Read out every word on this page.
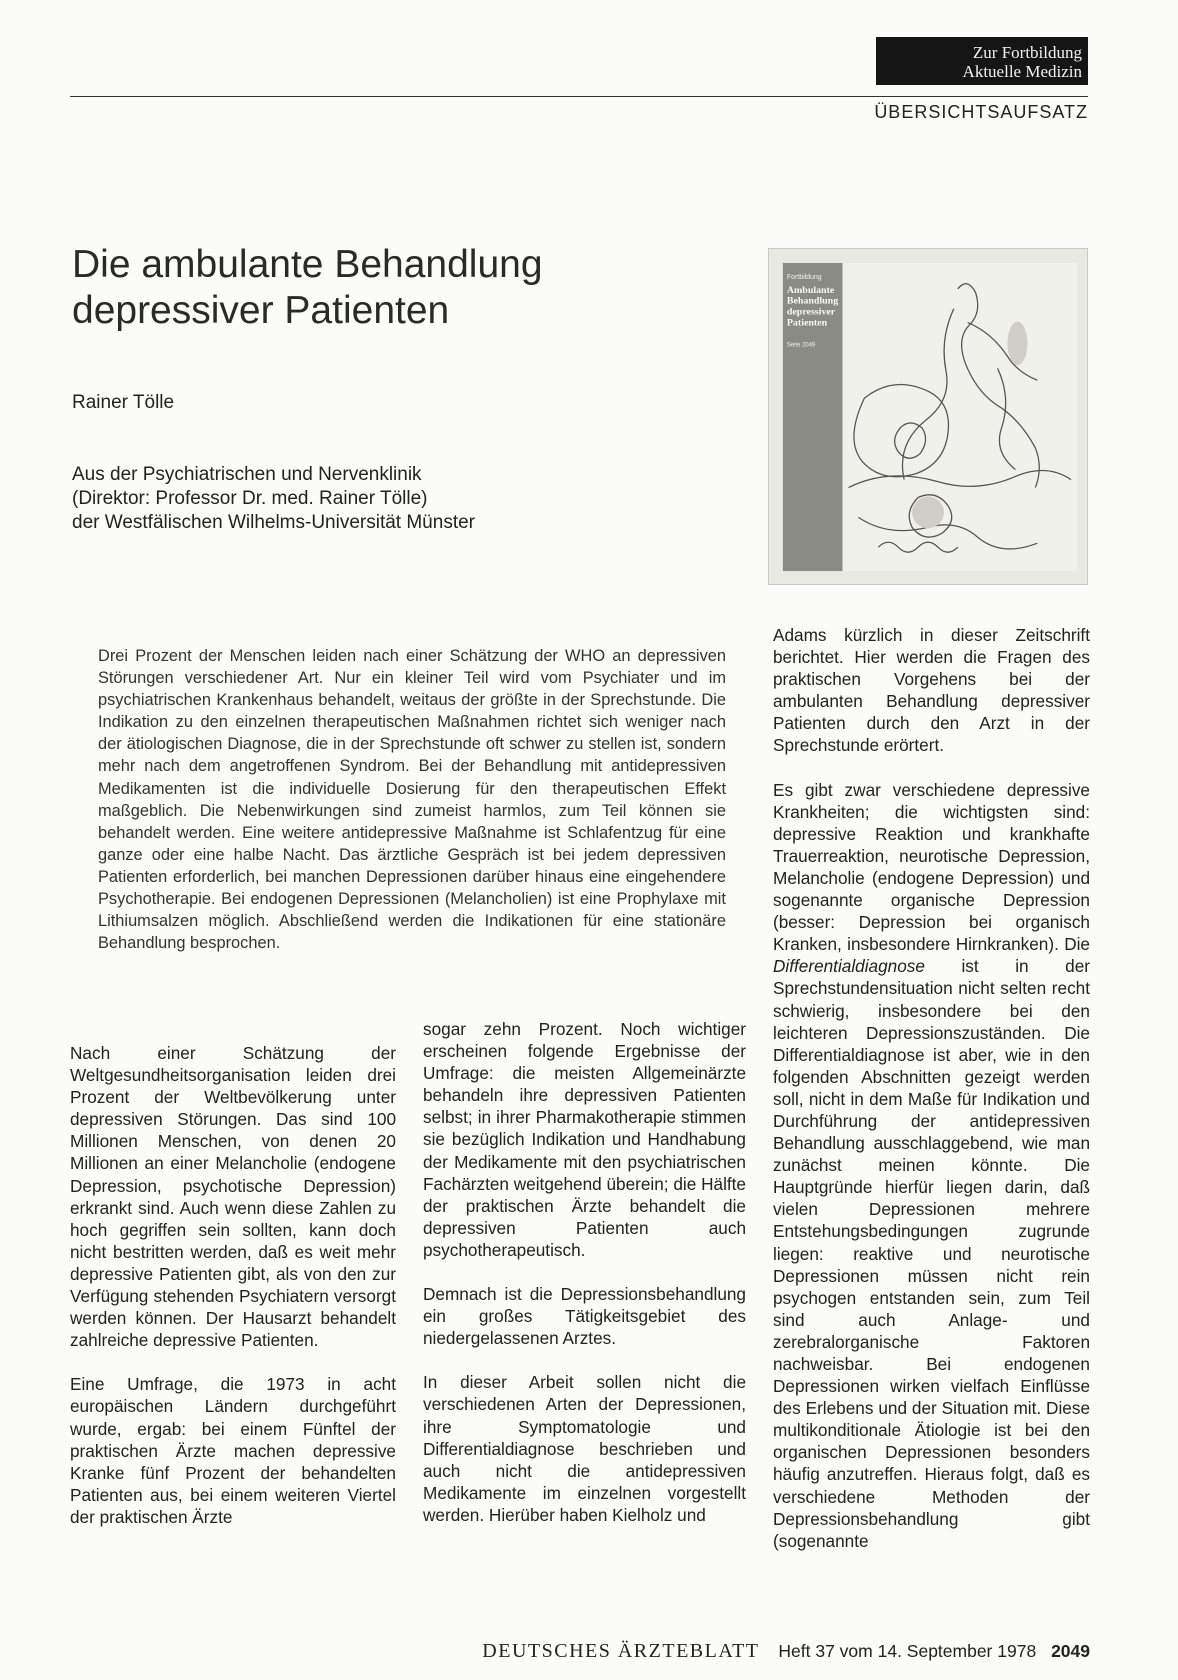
Zur Fortbildung
Aktuelle Medizin
ÜBERSICHTSAUFSATZ
Die ambulante Behandlung
depressiver Patienten
Rainer Tölle
Aus der Psychiatrischen und Nervenklinik
(Direktor: Professor Dr. med. Rainer Tölle)
der Westfälischen Wilhelms-Universität Münster
Fortbildung
Ambulante
Behandlung
depressiver
Patienten
Seite 2049
Drei Prozent der Menschen leiden nach einer Schätzung der WHO an depressiven Störungen verschiedener Art. Nur ein kleiner Teil wird vom Psychiater und im psychiatrischen Krankenhaus behandelt, weitaus der größte in der Sprechstunde. Die Indikation zu den einzelnen therapeutischen Maßnahmen richtet sich weniger nach der ätiologischen Diagnose, die in der Sprechstunde oft schwer zu stellen ist, sondern mehr nach dem angetroffenen Syndrom. Bei der Behandlung mit antidepressiven Medikamenten ist die individuelle Dosierung für den therapeutischen Effekt maßgeblich. Die Nebenwirkungen sind zumeist harmlos, zum Teil können sie behandelt werden. Eine weitere antidepressive Maßnahme ist Schlafentzug für eine ganze oder eine halbe Nacht. Das ärztliche Gespräch ist bei jedem depressiven Patienten erforderlich, bei manchen Depressionen darüber hinaus eine eingehendere Psychotherapie. Bei endogenen Depressionen (Melancholien) ist eine Prophylaxe mit Lithiumsalzen möglich. Abschließend werden die Indikationen für eine stationäre Behandlung besprochen.

Nach einer Schätzung der Weltgesundheitsorganisation leiden drei Prozent der Weltbevölkerung unter depressiven Störungen. Das sind 100 Millionen Menschen, von denen 20 Millionen an einer Melancholie (endogene Depression, psychotische Depression) erkrankt sind. Auch wenn diese Zahlen zu hoch gegriffen sein sollten, kann doch nicht bestritten werden, daß es weit mehr depressive Patienten gibt, als von den zur Verfügung stehenden Psychiatern versorgt werden können. Der Hausarzt behandelt zahlreiche depressive Patienten.

Eine Umfrage, die 1973 in acht europäischen Ländern durchgeführt wurde, ergab: bei einem Fünftel der praktischen Ärzte machen depressive Kranke fünf Prozent der behandelten Patienten aus, bei einem weiteren Viertel der praktischen Ärzte

sogar zehn Prozent. Noch wichtiger erscheinen folgende Ergebnisse der Umfrage: die meisten Allgemeinärzte behandeln ihre depressiven Patienten selbst; in ihrer Pharmakotherapie stimmen sie bezüglich Indikation und Handhabung der Medikamente mit den psychiatrischen Fachärzten weitgehend überein; die Hälfte der praktischen Ärzte behandelt die depressiven Patienten auch psychotherapeutisch.

Demnach ist die Depressionsbehandlung ein großes Tätigkeitsgebiet des niedergelassenen Arztes.

In dieser Arbeit sollen nicht die verschiedenen Arten der Depressionen, ihre Symptomatologie und Differentialdiagnose beschrieben und auch nicht die antidepressiven Medikamente im einzelnen vorgestellt werden. Hierüber haben Kielholz und

Adams kürzlich in dieser Zeitschrift berichtet. Hier werden die Fragen des praktischen Vorgehens bei der ambulanten Behandlung depressiver Patienten durch den Arzt in der Sprechstunde erörtert.

Es gibt zwar verschiedene depressive Krankheiten; die wichtigsten sind: depressive Reaktion und krankhafte Trauerreaktion, neurotische Depression, Melancholie (endogene Depression) und sogenannte organische Depression (besser: Depression bei organisch Kranken, insbesondere Hirnkranken). Die Differentialdiagnose ist in der Sprechstundensituation nicht selten recht schwierig, insbesondere bei den leichteren Depressionszuständen. Die Differentialdiagnose ist aber, wie in den folgenden Abschnitten gezeigt werden soll, nicht in dem Maße für Indikation und Durchführung der antidepressiven Behandlung ausschlaggebend, wie man zunächst meinen könnte. Die Hauptgründe hierfür liegen darin, daß vielen Depressionen mehrere Entstehungsbedingungen zugrunde liegen: reaktive und neurotische Depressionen müssen nicht rein psychogen entstanden sein, zum Teil sind auch Anlage- und zerebralorganische Faktoren nachweisbar. Bei endogenen Depressionen wirken vielfach Einflüsse des Erlebens und der Situation mit. Diese multikonditionale Ätiologie ist bei den organischen Depressionen besonders häufig anzutreffen. Hieraus folgt, daß es verschiedene Methoden der Depressionsbehandlung gibt (sogenannte

DEUTSCHES ÄRZTEBLATT Heft 37 vom 14. September 1978 2049
